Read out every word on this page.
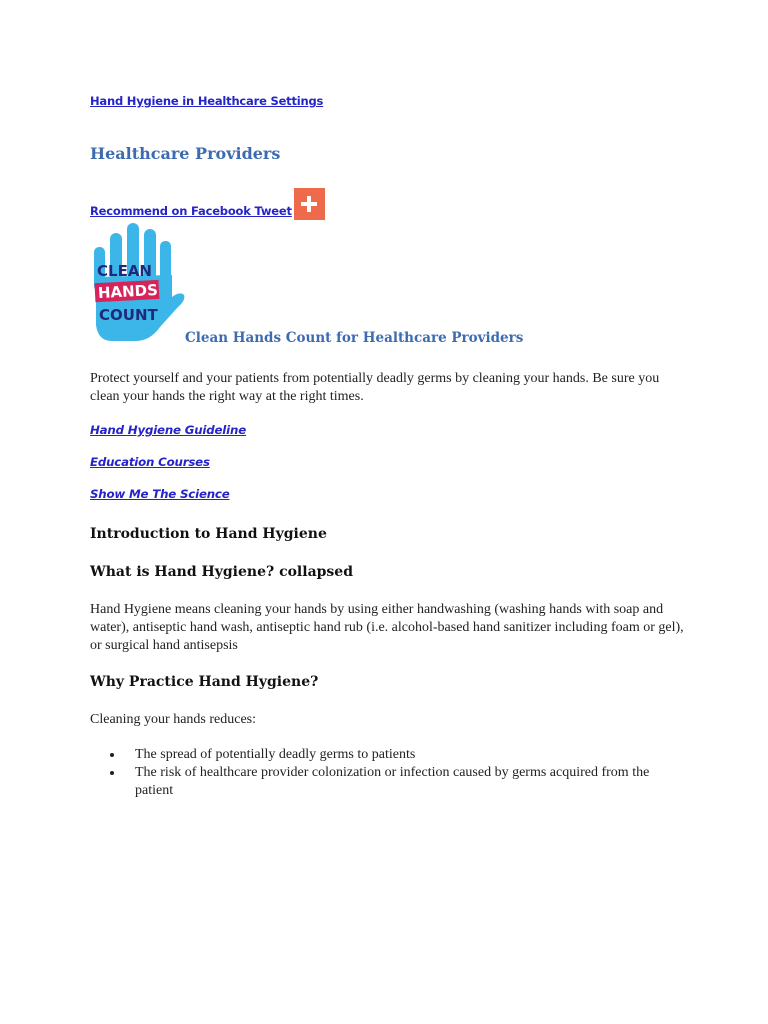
Hand Hygiene in Healthcare Settings
Healthcare Providers
Recommend on Facebook Tweet
CLEAN
HANDS
COUNT
Clean Hands Count for Healthcare Providers

Protect yourself and your patients from potentially deadly germs by cleaning your hands. Be sure you clean your hands the right way at the right times.

Hand Hygiene Guideline
Education Courses
Show Me The Science
Introduction to Hand Hygiene
What is Hand Hygiene? collapsed

Hand Hygiene means cleaning your hands by using either handwashing (washing hands with soap and water), antiseptic hand wash, antiseptic hand rub (i.e. alcohol-based hand sanitizer including foam or gel), or surgical hand antisepsis

Why Practice Hand Hygiene?

Cleaning your hands reduces:

The spread of potentially deadly germs to patients
The risk of healthcare provider colonization or infection caused by germs acquired from the patient
